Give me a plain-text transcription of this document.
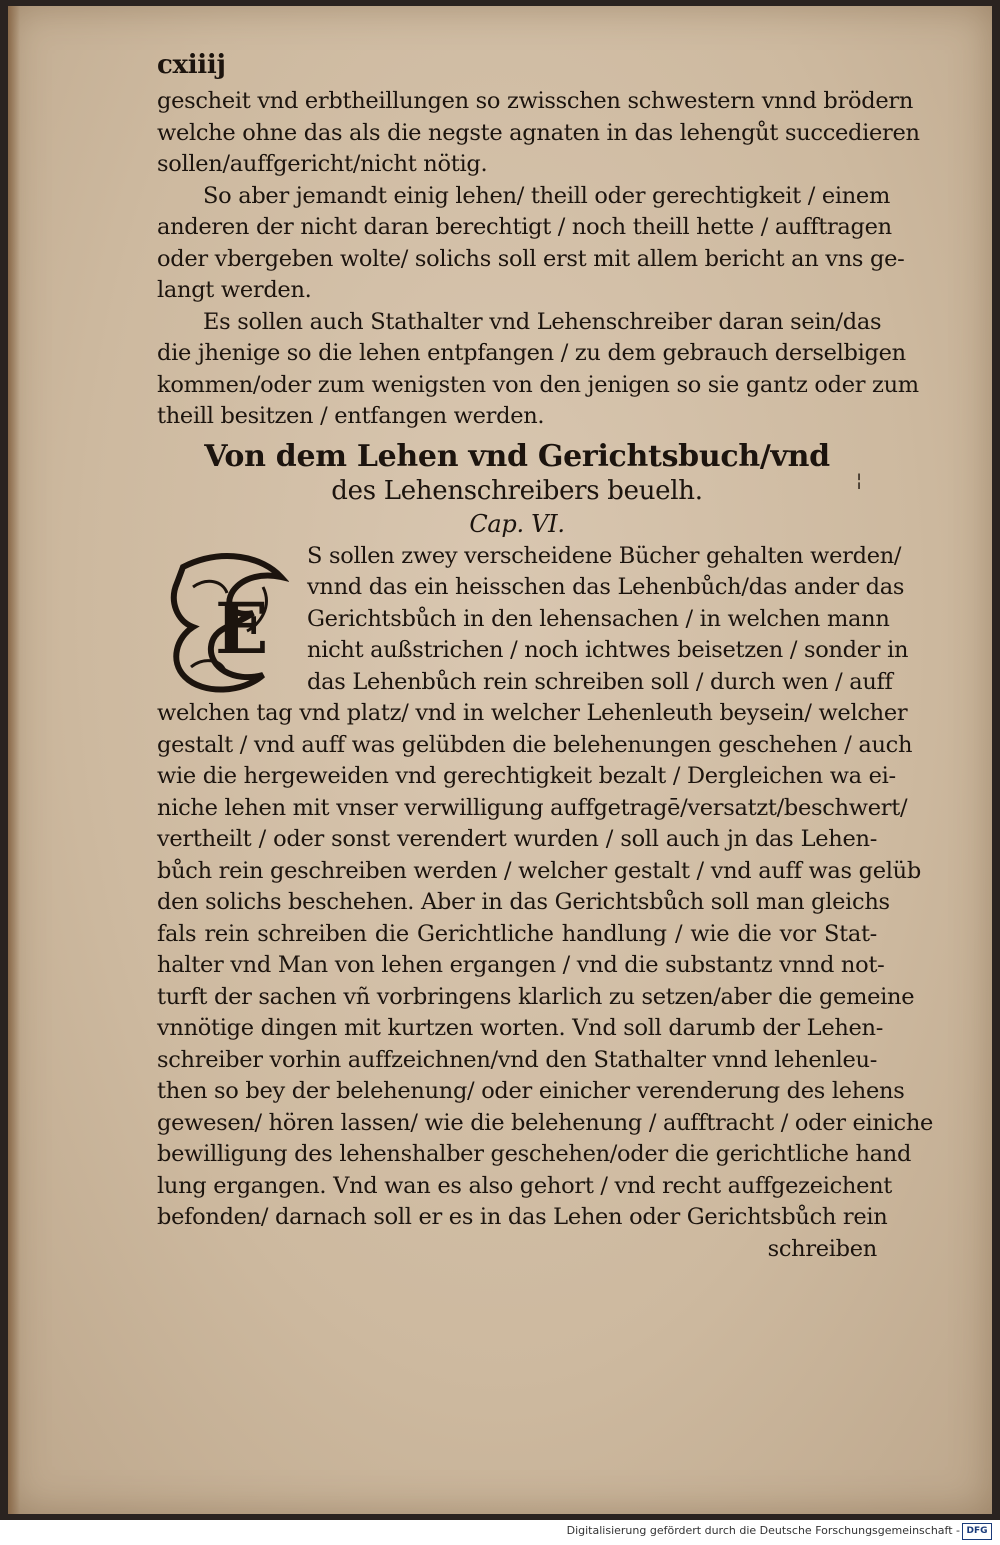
cxiiij
gescheit vnd erbtheillungen so zwisschen schwestern vnnd brödern
welche ohne das als die negste agnaten in das lehengůt succedieren
sollen/auffgericht/nicht nötig.
So aber jemandt einig lehen/ theill oder gerechtigkeit / einem
anderen der nicht daran berechtigt / noch theill hette / aufftragen
oder vbergeben wolte/ solichs soll erst mit allem bericht an vns ge-
langt werden.
Es sollen auch Stathalter vnd Lehenschreiber daran sein/das
die jhenige so die lehen entpfangen / zu dem gebrauch derselbigen
kommen/oder zum wenigsten von den jenigen so sie gantz oder zum
theill besitzen / entfangen werden.
Von dem Lehen vnd Gerichtsbuch/vnd
des Lehenschreibers beuelh.
Cap. VI.
E
S sollen zwey verscheidene Bücher gehalten werden/
vnnd das ein heisschen das Lehenbůch/das ander das
Gerichtsbůch in den lehensachen / in welchen mann
nicht außstrichen / noch ichtwes beisetzen / sonder in
das Lehenbůch rein schreiben soll / durch wen / auff
welchen tag vnd platz/ vnd in welcher Lehenleuth beysein/ welcher
gestalt / vnd auff was gelübden die belehenungen geschehen / auch
wie die hergeweiden vnd gerechtigkeit bezalt / Dergleichen wa ei-
niche lehen mit vnser verwilligung auffgetragē/versatzt/beschwert/
vertheilt / oder sonst verendert wurden / soll auch jn das Lehen-
bůch rein geschreiben werden / welcher gestalt / vnd auff was gelüb
den solichs beschehen. Aber in das Gerichtsbůch soll man gleichs
fals rein schreiben die Gerichtliche handlung / wie die vor Stat-
halter vnd Man von lehen ergangen / vnd die substantz vnnd not-
turft der sachen vñ vorbringens klarlich zu setzen/aber die gemeine
vnnötige dingen mit kurtzen worten. Vnd soll darumb der Lehen-
schreiber vorhin auffzeichnen/vnd den Stathalter vnnd lehenleu-
then so bey der belehenung/ oder einicher verenderung des lehens
gewesen/ hören lassen/ wie die belehenung / aufftracht / oder einiche
bewilligung des lehenshalber geschehen/oder die gerichtliche hand
lung ergangen. Vnd wan es also gehort / vnd recht auffgezeichent
befonden/ darnach soll er es in das Lehen oder Gerichtsbůch rein
schreiben
¦
Digitalisierung gefördert durch die Deutsche Forschungsgemeinschaft - DFG
